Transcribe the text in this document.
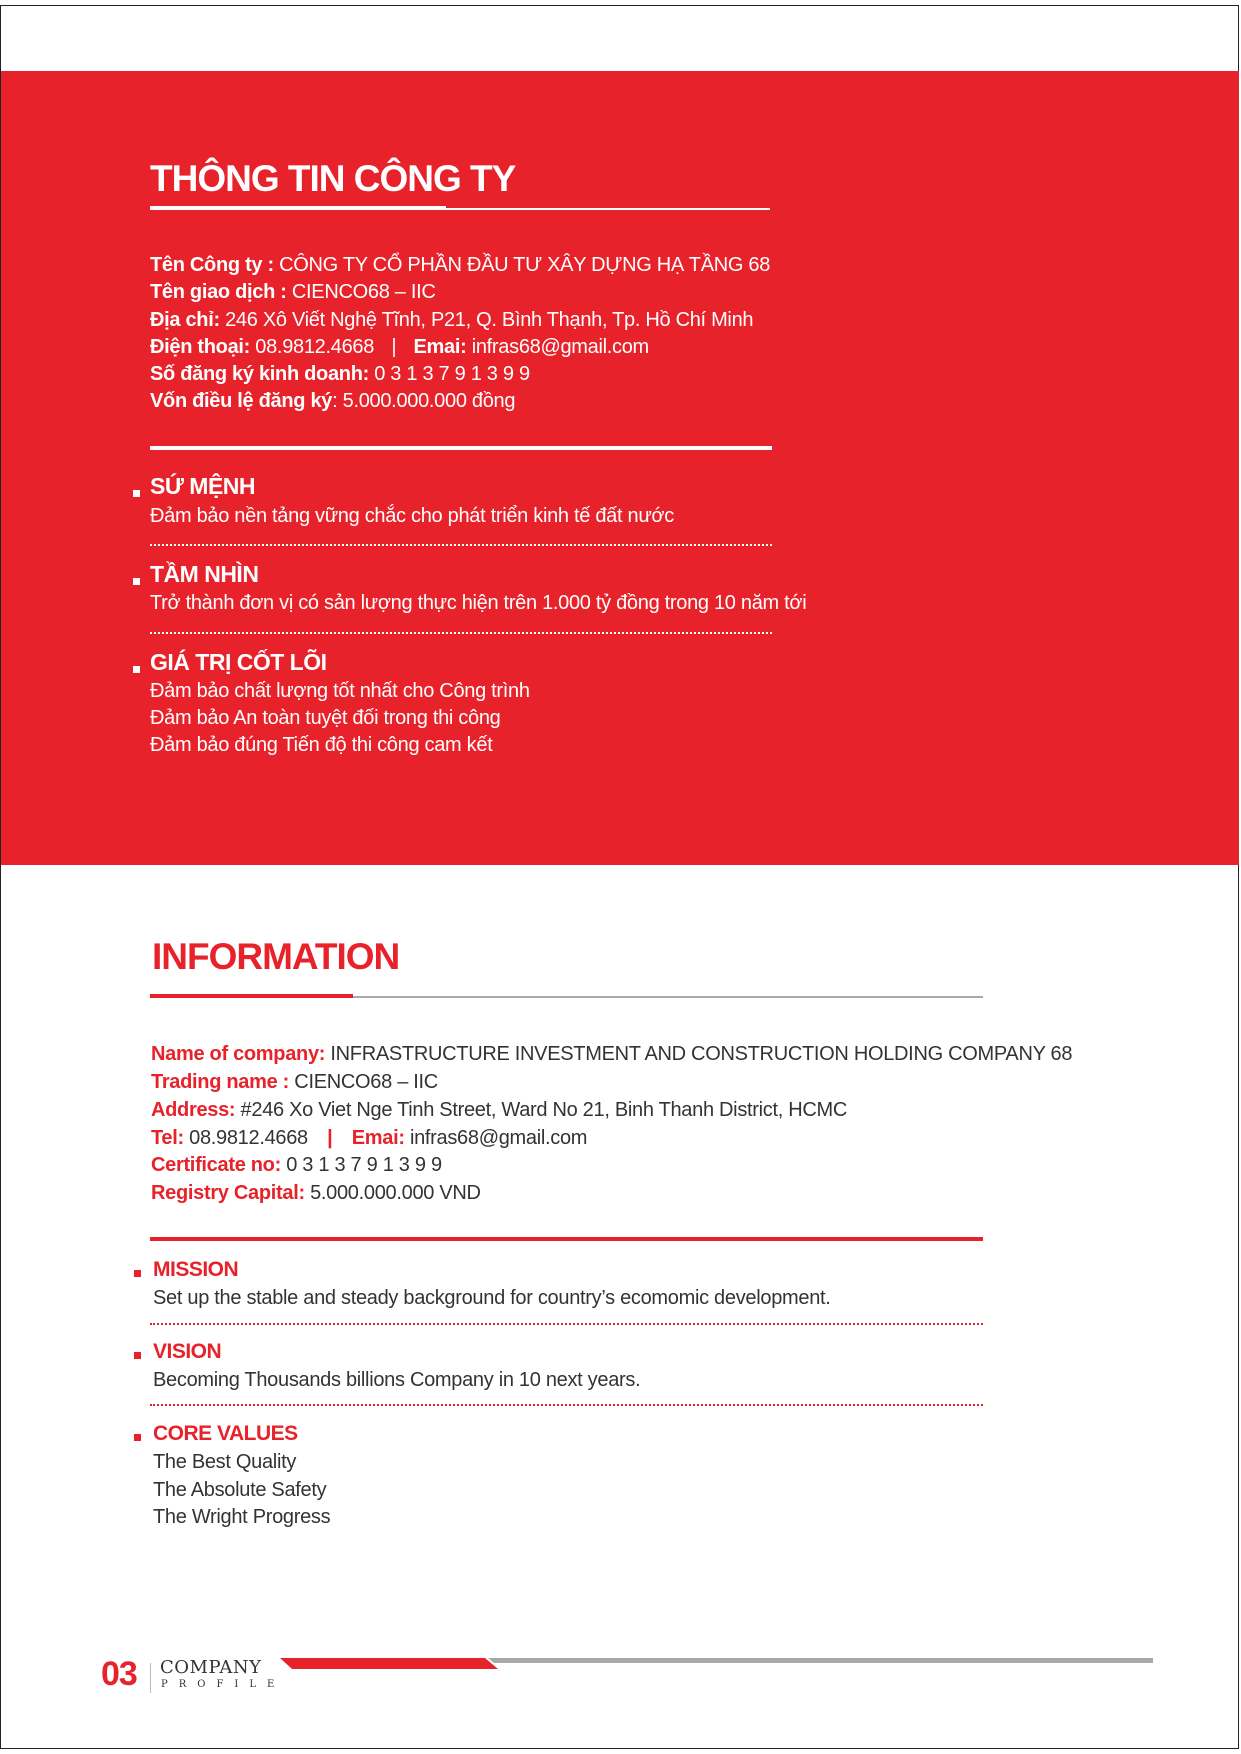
THÔNG TIN CÔNG TY
Tên Công ty : CÔNG TY CỔ PHẦN ĐẦU TƯ XÂY DỰNG HẠ TẦNG 68
Tên giao dịch : CIENCO68 – IIC
Địa chỉ: 246 Xô Viết Nghệ Tĩnh, P21, Q. Bình Thạnh, Tp. Hồ Chí Minh
Điện thoại: 08.9812.4668 | Emai: infras68@gmail.com
Số đăng ký kinh doanh: 0 3 1 3 7 9 1 3 9 9
Vốn điều lệ đăng ký: 5.000.000.000 đồng
SỨ MỆNH
Đảm bảo nền tảng vững chắc cho phát triển kinh tế đất nước
TẦM NHÌN
Trở thành đơn vị có sản lượng thực hiện trên 1.000 tỷ đồng trong 10 năm tới
GIÁ TRỊ CỐT LÕI
Đảm bảo chất lượng tốt nhất cho Công trình
Đảm bảo An toàn tuyệt đối trong thi công
Đảm bảo đúng Tiến độ thi công cam kết
INFORMATION
Name of company: INFRASTRUCTURE INVESTMENT AND CONSTRUCTION HOLDING COMPANY 68
Trading name : CIENCO68 – IIC
Address: #246 Xo Viet Nge Tinh Street, Ward No 21, Binh Thanh District, HCMC
Tel: 08.9812.4668 | Emai: infras68@gmail.com
Certificate no: 0 3 1 3 7 9 1 3 9 9
Registry Capital: 5.000.000.000 VND
MISSION
Set up the stable and steady background for country’s ecomomic development.
VISION
Becoming Thousands billions Company in 10 next years.
CORE VALUES
The Best Quality
The Absolute Safety
The Wright Progress
03 COMPANY
PROFILE
